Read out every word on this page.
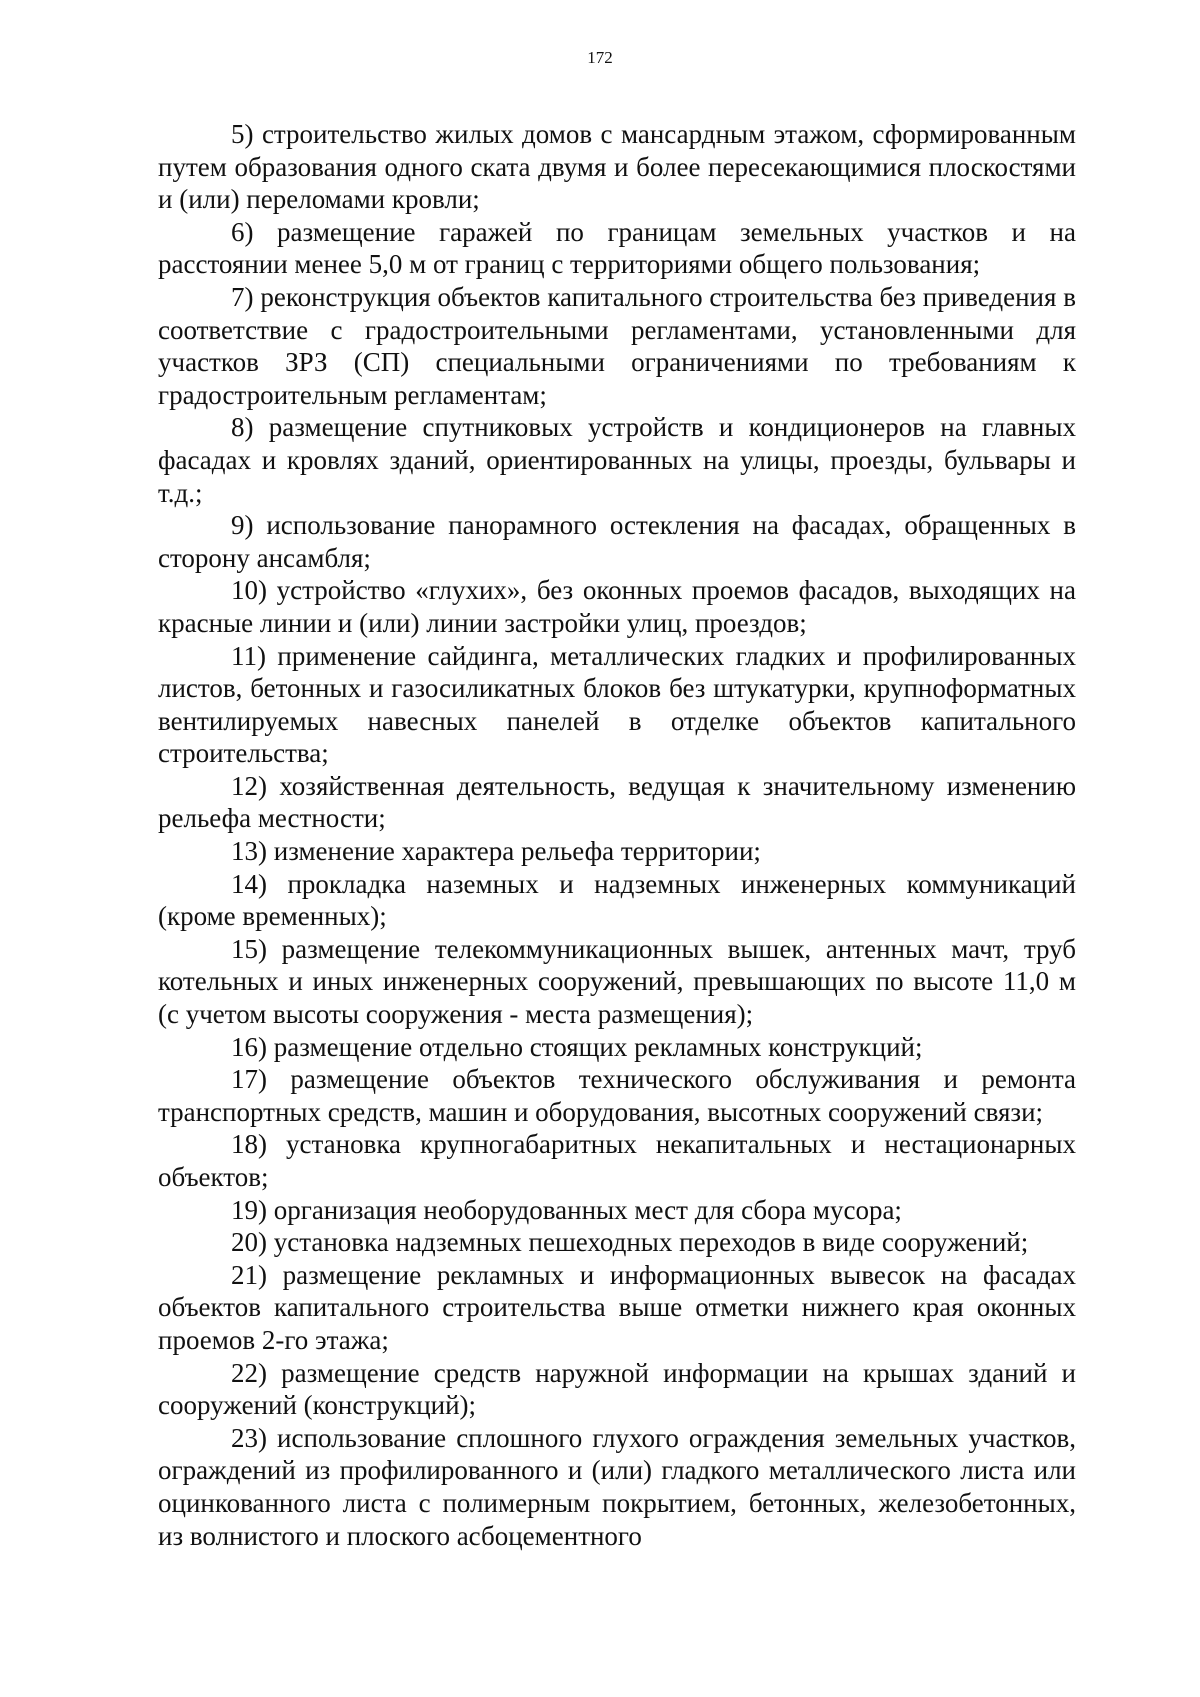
172

5) строительство жилых домов с мансардным этажом, сформированным путем образования одного ската двумя и более пересекающимися плоскостями и (или) переломами кровли;

6) размещение гаражей по границам земельных участков и на расстоянии менее 5,0 м от границ с территориями общего пользования;

7) реконструкция объектов капитального строительства без приведения в соответствие с градостроительными регламентами, установленными для участков ЗРЗ (СП) специальными ограничениями по требованиям к градостроительным регламентам;

8) размещение спутниковых устройств и кондиционеров на главных фасадах и кровлях зданий, ориентированных на улицы, проезды, бульвары и т.д.;

9) использование панорамного остекления на фасадах, обращенных в сторону ансамбля;

10) устройство «глухих», без оконных проемов фасадов, выходящих на красные линии и (или) линии застройки улиц, проездов;

11) применение сайдинга, металлических гладких и профилированных листов, бетонных и газосиликатных блоков без штукатурки, крупноформатных вентилируемых навесных панелей в отделке объектов капитального строительства;

12) хозяйственная деятельность, ведущая к значительному изменению рельефа местности;

13) изменение характера рельефа территории;

14) прокладка наземных и надземных инженерных коммуникаций (кроме временных);

15) размещение телекоммуникационных вышек, антенных мачт, труб котельных и иных инженерных сооружений, превышающих по высоте 11,0 м (с учетом высоты сооружения - места размещения);

16) размещение отдельно стоящих рекламных конструкций;

17) размещение объектов технического обслуживания и ремонта транспортных средств, машин и оборудования, высотных сооружений связи;

18) установка крупногабаритных некапитальных и нестационарных объектов;

19) организация необорудованных мест для сбора мусора;

20) установка надземных пешеходных переходов в виде сооружений;

21) размещение рекламных и информационных вывесок на фасадах объектов капитального строительства выше отметки нижнего края оконных проемов 2-го этажа;

22) размещение средств наружной информации на крышах зданий и сооружений (конструкций);

23) использование сплошного глухого ограждения земельных участков, ограждений из профилированного и (или) гладкого металлического листа или оцинкованного листа с полимерным покрытием, бетонных, железобетонных, из волнистого и плоского асбоцементного
